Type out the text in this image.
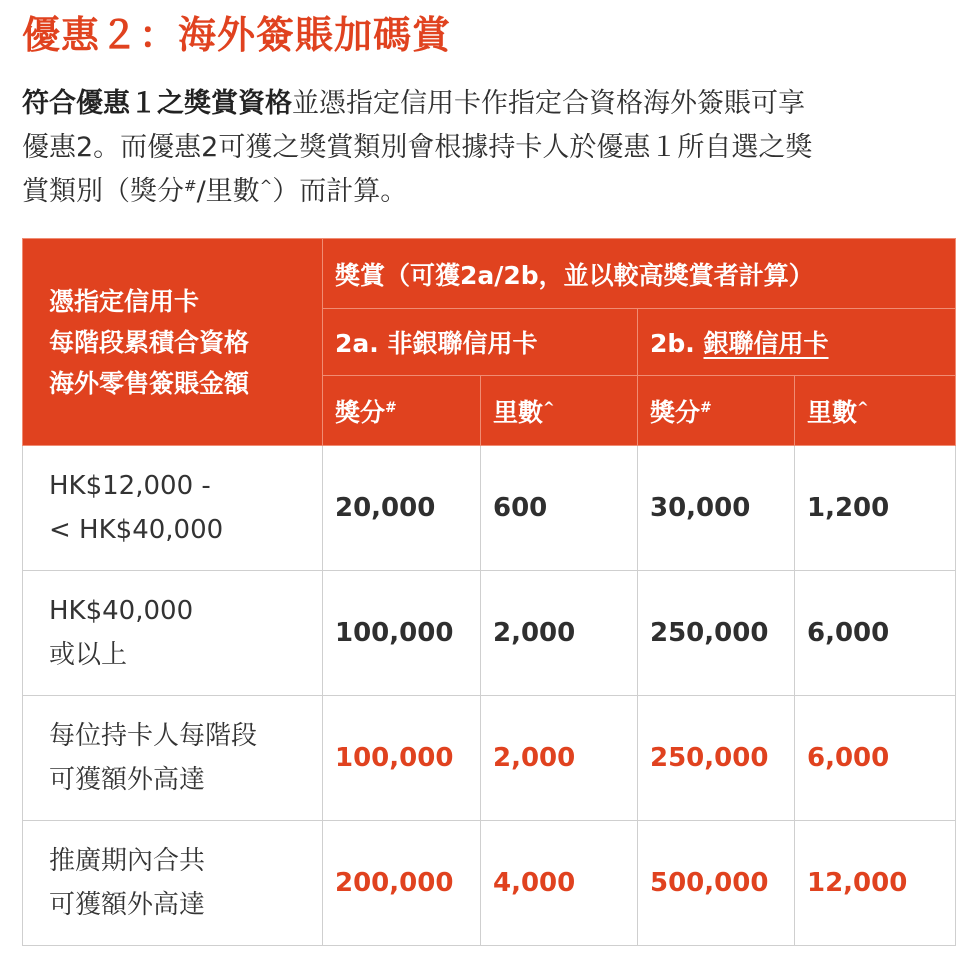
優惠２：海外簽賬加碼賞
符合優惠１之獎賞資格並憑指定信用卡作指定合資格海外簽賬可享
優惠2。而優惠2可獲之獎賞類別會根據持卡人於優惠１所自選之獎
賞類別（獎分#/里數^）而計算。
憑指定信用卡
每階段累積合資格
海外零售簽賬金額	獎賞（可獲2a/2b，並以較高獎賞者計算）			
	2a. 非銀聯信用卡		2b. 銀聯信用卡	
	獎分#	里數^	獎分#	里數^

HK$12,000 -
< HK$40,000	20,000	600	30,000	1,200

HK$40,000
或以上	100,000	2,000	250,000	6,000

每位持卡人每階段
可獲額外高達	100,000	2,000	250,000	6,000

推廣期內合共
可獲額外高達	200,000	4,000	500,000	12,000
